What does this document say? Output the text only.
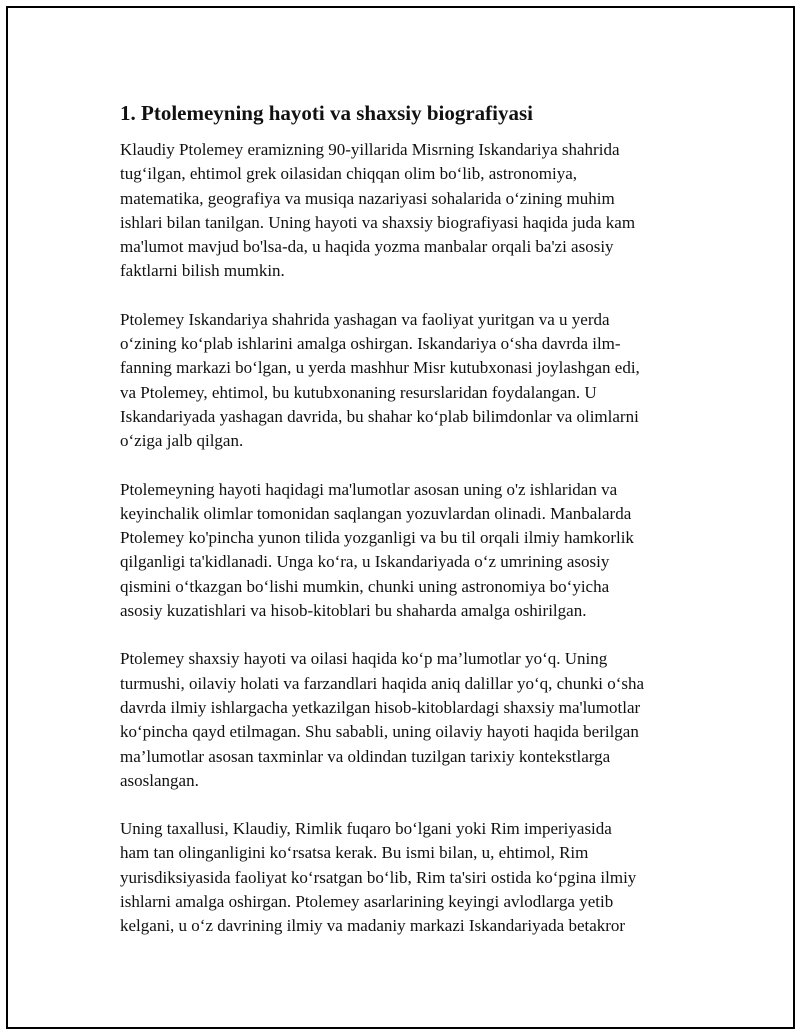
1. Ptolemeyning hayoti va shaxsiy biografiyasi

Klaudiy Ptolemey eramizning 90-yillarida Misrning Iskandariya shahrida
tug‘ilgan, ehtimol grek oilasidan chiqqan olim bo‘lib, astronomiya,
matematika, geografiya va musiqa nazariyasi sohalarida o‘zining muhim
ishlari bilan tanilgan. Uning hayoti va shaxsiy biografiyasi haqida juda kam
ma'lumot mavjud bo'lsa-da, u haqida yozma manbalar orqali ba'zi asosiy
faktlarni bilish mumkin.

Ptolemey Iskandariya shahrida yashagan va faoliyat yuritgan va u yerda
o‘zining ko‘plab ishlarini amalga oshirgan. Iskandariya o‘sha davrda ilm-
fanning markazi bo‘lgan, u yerda mashhur Misr kutubxonasi joylashgan edi,
va Ptolemey, ehtimol, bu kutubxonaning resurslaridan foydalangan. U
Iskandariyada yashagan davrida, bu shahar ko‘plab bilimdonlar va olimlarni
o‘ziga jalb qilgan.

Ptolemeyning hayoti haqidagi ma'lumotlar asosan uning o'z ishlaridan va
keyinchalik olimlar tomonidan saqlangan yozuvlardan olinadi. Manbalarda
Ptolemey ko'pincha yunon tilida yozganligi va bu til orqali ilmiy hamkorlik
qilganligi ta'kidlanadi. Unga ko‘ra, u Iskandariyada o‘z umrining asosiy
qismini o‘tkazgan bo‘lishi mumkin, chunki uning astronomiya bo‘yicha
asosiy kuzatishlari va hisob-kitoblari bu shaharda amalga oshirilgan.

Ptolemey shaxsiy hayoti va oilasi haqida ko‘p ma’lumotlar yo‘q. Uning
turmushi, oilaviy holati va farzandlari haqida aniq dalillar yo‘q, chunki o‘sha
davrda ilmiy ishlargacha yetkazilgan hisob-kitoblardagi shaxsiy ma'lumotlar
ko‘pincha qayd etilmagan. Shu sababli, uning oilaviy hayoti haqida berilgan
ma’lumotlar asosan taxminlar va oldindan tuzilgan tarixiy kontekstlarga
asoslangan.

Uning taxallusi, Klaudiy, Rimlik fuqaro bo‘lgani yoki Rim imperiyasida
ham tan olinganligini ko‘rsatsa kerak. Bu ismi bilan, u, ehtimol, Rim
yurisdiksiyasida faoliyat ko‘rsatgan bo‘lib, Rim ta'siri ostida ko‘pgina ilmiy
ishlarni amalga oshirgan. Ptolemey asarlarining keyingi avlodlarga yetib
kelgani, u o‘z davrining ilmiy va madaniy markazi Iskandariyada betakror
